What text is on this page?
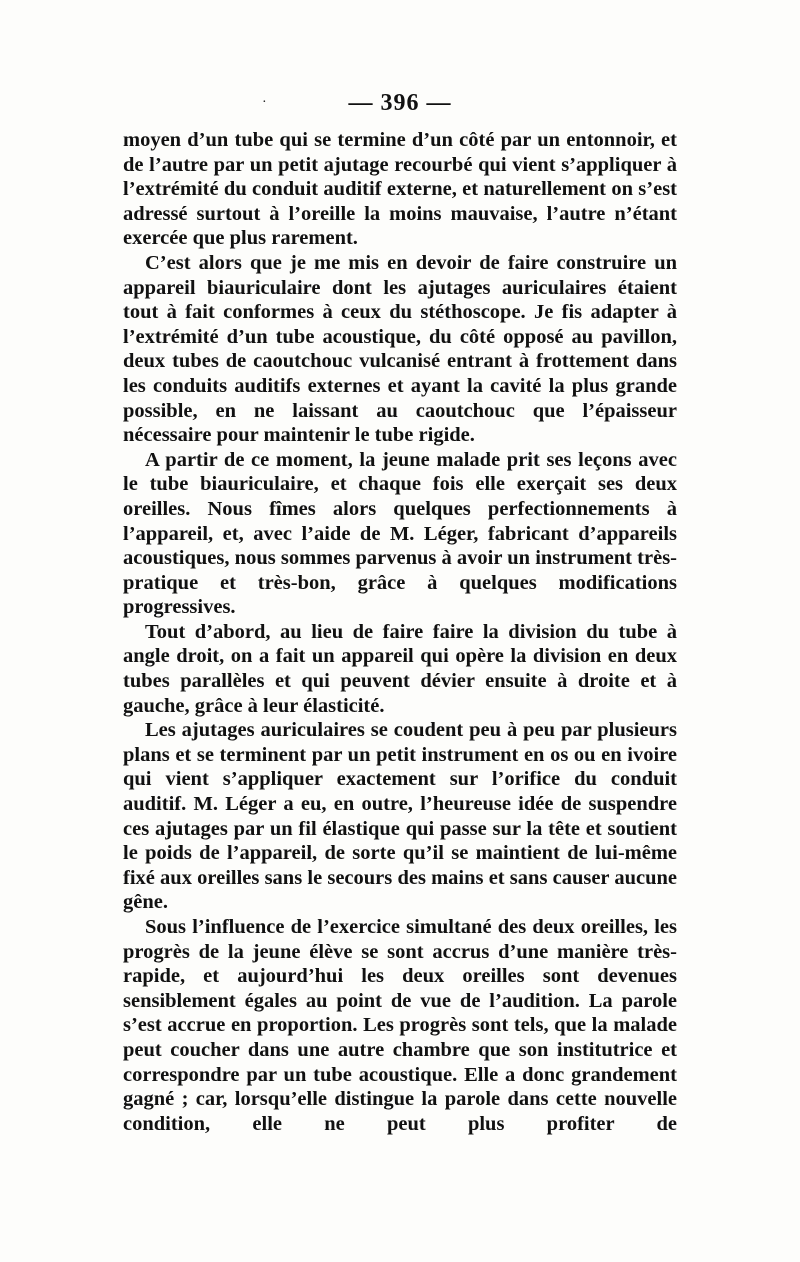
·	— 396 —

moyen d’un tube qui se termine d’un côté par un entonnoir, et de l’autre par un petit ajutage recourbé qui vient s’appliquer à l’extrémité du conduit auditif externe, et naturellement on s’est adressé surtout à l’oreille la moins mauvaise, l’autre n’étant exercée que plus rarement.

C’est alors que je me mis en devoir de faire construire un appareil biauriculaire dont les ajutages auriculaires étaient tout à fait conformes à ceux du stéthoscope. Je fis adapter à l’extrémité d’un tube acoustique, du côté opposé au pavillon, deux tubes de caoutchouc vulcanisé entrant à frottement dans les conduits auditifs externes et ayant la cavité la plus grande possible, en ne laissant au caoutchouc que l’épaisseur nécessaire pour maintenir le tube rigide.

A partir de ce moment, la jeune malade prit ses leçons avec le tube biauriculaire, et chaque fois elle exerçait ses deux oreilles. Nous fîmes alors quelques perfectionnements à l’appareil, et, avec l’aide de M. Léger, fabricant d’appareils acoustiques, nous sommes parvenus à avoir un instrument très-pratique et très-bon, grâce à quelques modifications progressives.

Tout d’abord, au lieu de faire faire la division du tube à angle droit, on a fait un appareil qui opère la division en deux tubes parallèles et qui peuvent dévier ensuite à droite et à gauche, grâce à leur élasticité.

Les ajutages auriculaires se coudent peu à peu par plusieurs plans et se terminent par un petit instrument en os ou en ivoire qui vient s’appliquer exactement sur l’orifice du conduit auditif. M. Léger a eu, en outre, l’heureuse idée de suspendre ces ajutages par un fil élastique qui passe sur la tête et soutient le poids de l’appareil, de sorte qu’il se maintient de lui-même fixé aux oreilles sans le secours des mains et sans causer aucune gêne.

Sous l’influence de l’exercice simultané des deux oreilles, les progrès de la jeune élève se sont accrus d’une manière très-rapide, et aujourd’hui les deux oreilles sont devenues sensiblement égales au point de vue de l’audition. La parole s’est accrue en proportion. Les progrès sont tels, que la malade peut coucher dans une autre chambre que son institutrice et correspondre par un tube acoustique. Elle a donc grandement gagné ; car, lorsqu’elle distingue la parole dans cette nouvelle condition, elle ne peut plus profiter de
